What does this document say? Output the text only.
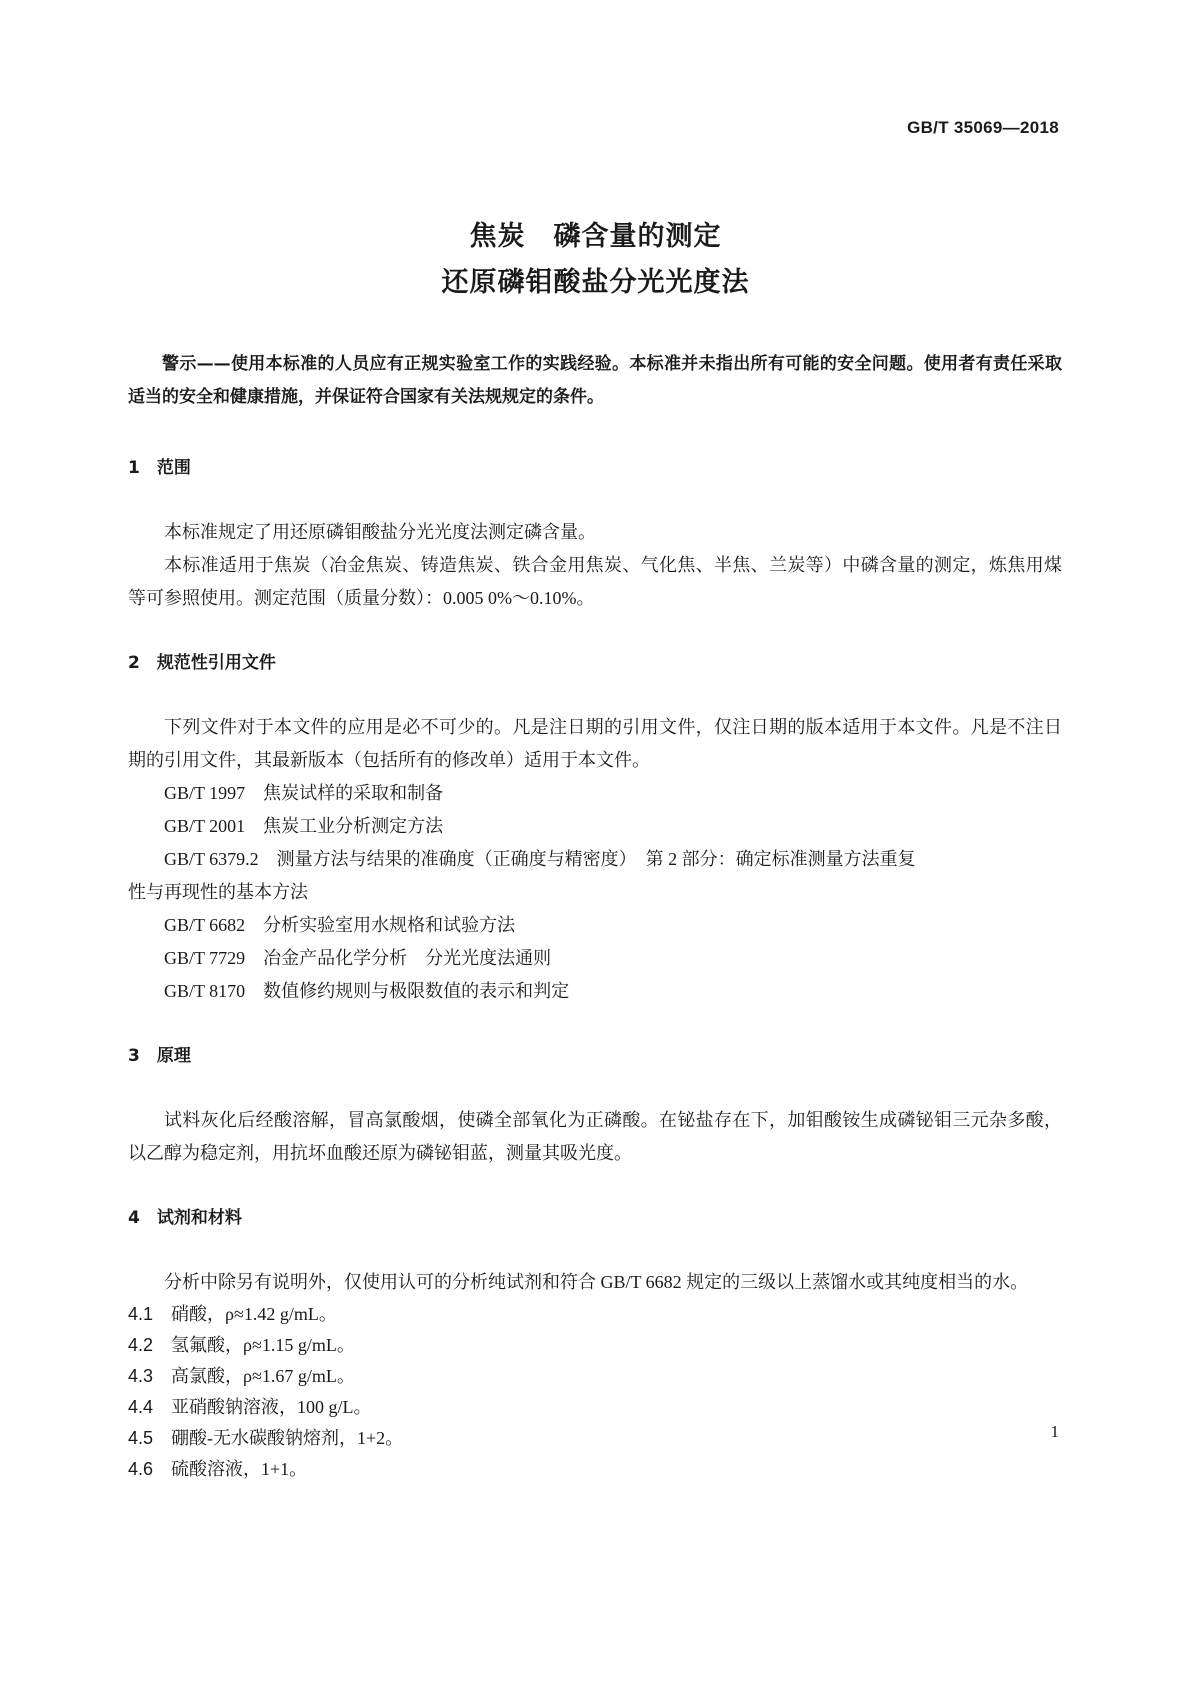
GB/T 35069—2018
焦炭　磷含量的测定
还原磷钼酸盐分光光度法

警示——使用本标准的人员应有正规实验室工作的实践经验。本标准并未指出所有可能的安全问题。使用者有责任采取适当的安全和健康措施，并保证符合国家有关法规规定的条件。

1　范围

本标准规定了用还原磷钼酸盐分光光度法测定磷含量。

本标准适用于焦炭（冶金焦炭、铸造焦炭、铁合金用焦炭、气化焦、半焦、兰炭等）中磷含量的测定，炼焦用煤等可参照使用。测定范围（质量分数）：0.005 0%～0.10%。

2　规范性引用文件

下列文件对于本文件的应用是必不可少的。凡是注日期的引用文件，仅注日期的版本适用于本文件。凡是不注日期的引用文件，其最新版本（包括所有的修改单）适用于本文件。

GB/T 1997　焦炭试样的采取和制备

GB/T 2001　焦炭工业分析测定方法

GB/T 6379.2　测量方法与结果的准确度（正确度与精密度）　第 2 部分：确定标准测量方法重复

性与再现性的基本方法

GB/T 6682　分析实验室用水规格和试验方法

GB/T 7729　冶金产品化学分析　分光光度法通则

GB/T 8170　数值修约规则与极限数值的表示和判定

3　原理

试料灰化后经酸溶解，冒高氯酸烟，使磷全部氧化为正磷酸。在铋盐存在下，加钼酸铵生成磷铋钼三元杂多酸，以乙醇为稳定剂，用抗坏血酸还原为磷铋钼蓝，测量其吸光度。

4　试剂和材料

分析中除另有说明外，仅使用认可的分析纯试剂和符合 GB/T 6682 规定的三级以上蒸馏水或其纯度相当的水。

4.1　 硝酸，ρ≈1.42 g/mL。

4.2　 氢氟酸，ρ≈1.15 g/mL。

4.3　 高氯酸，ρ≈1.67 g/mL。

4.4　 亚硝酸钠溶液，100 g/L。

4.5　 硼酸-无水碳酸钠熔剂，1+2。

4.6　 硫酸溶液，1+1。

1
